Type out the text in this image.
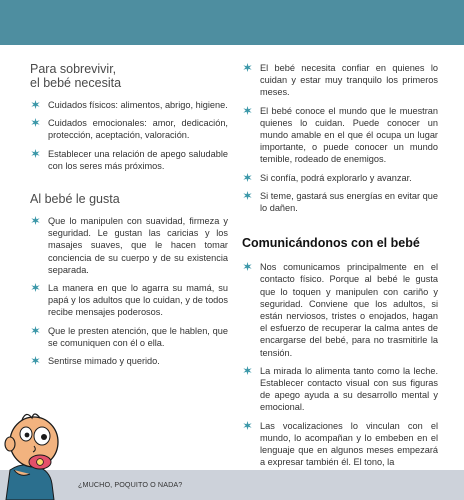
Para sobrevivir,
el bebé necesita
Cuidados físicos: alimentos, abrigo, higiene.
Cuidados emocionales: amor, dedicación, protección, aceptación, valoración.
Establecer una relación de apego saludable con los seres más próximos.
Al bebé le gusta
Que lo manipulen con suavidad, firmeza y seguridad. Le gustan las caricias y los masajes suaves, que le hacen tomar conciencia de su cuerpo y de su existencia separada.
La manera en que lo agarra su mamá, su papá y los adultos que lo cuidan, y de todos recibe mensajes poderosos.
Que le presten atención, que le hablen, que se comuniquen con él o ella.
Sentirse mimado y querido.
El bebé necesita confiar en quienes lo cuidan y estar muy tranquilo los primeros meses.
El bebé conoce el mundo que le muestran quienes lo cuidan. Puede conocer un mundo amable en el que él ocupa un lugar importante, o puede conocer un mundo temible, rodeado de enemigos.
Si confía, podrá explorarlo y avanzar.
Si teme, gastará sus energías en evitar que lo dañen.
Comunicándonos con el bebé
Nos comunicamos principalmente en el contacto físico. Porque al bebé le gusta que lo toquen y manipulen con cariño y seguridad. Conviene que los adultos, si están nerviosos, tristes o enojados, hagan el esfuerzo de recuperar la calma antes de encargarse del bebé, para no trasmitirle la tensión.
La mirada lo alimenta tanto como la leche. Establecer contacto visual con sus figuras de apego ayuda a su desarrollo mental y emocional.
Las vocalizaciones lo vinculan con el mundo, lo acompañan y lo embeben en el lenguaje que en algunos meses empezará a expresar también él. El tono, la
¿MUCHO, POQUITO O NADA?
